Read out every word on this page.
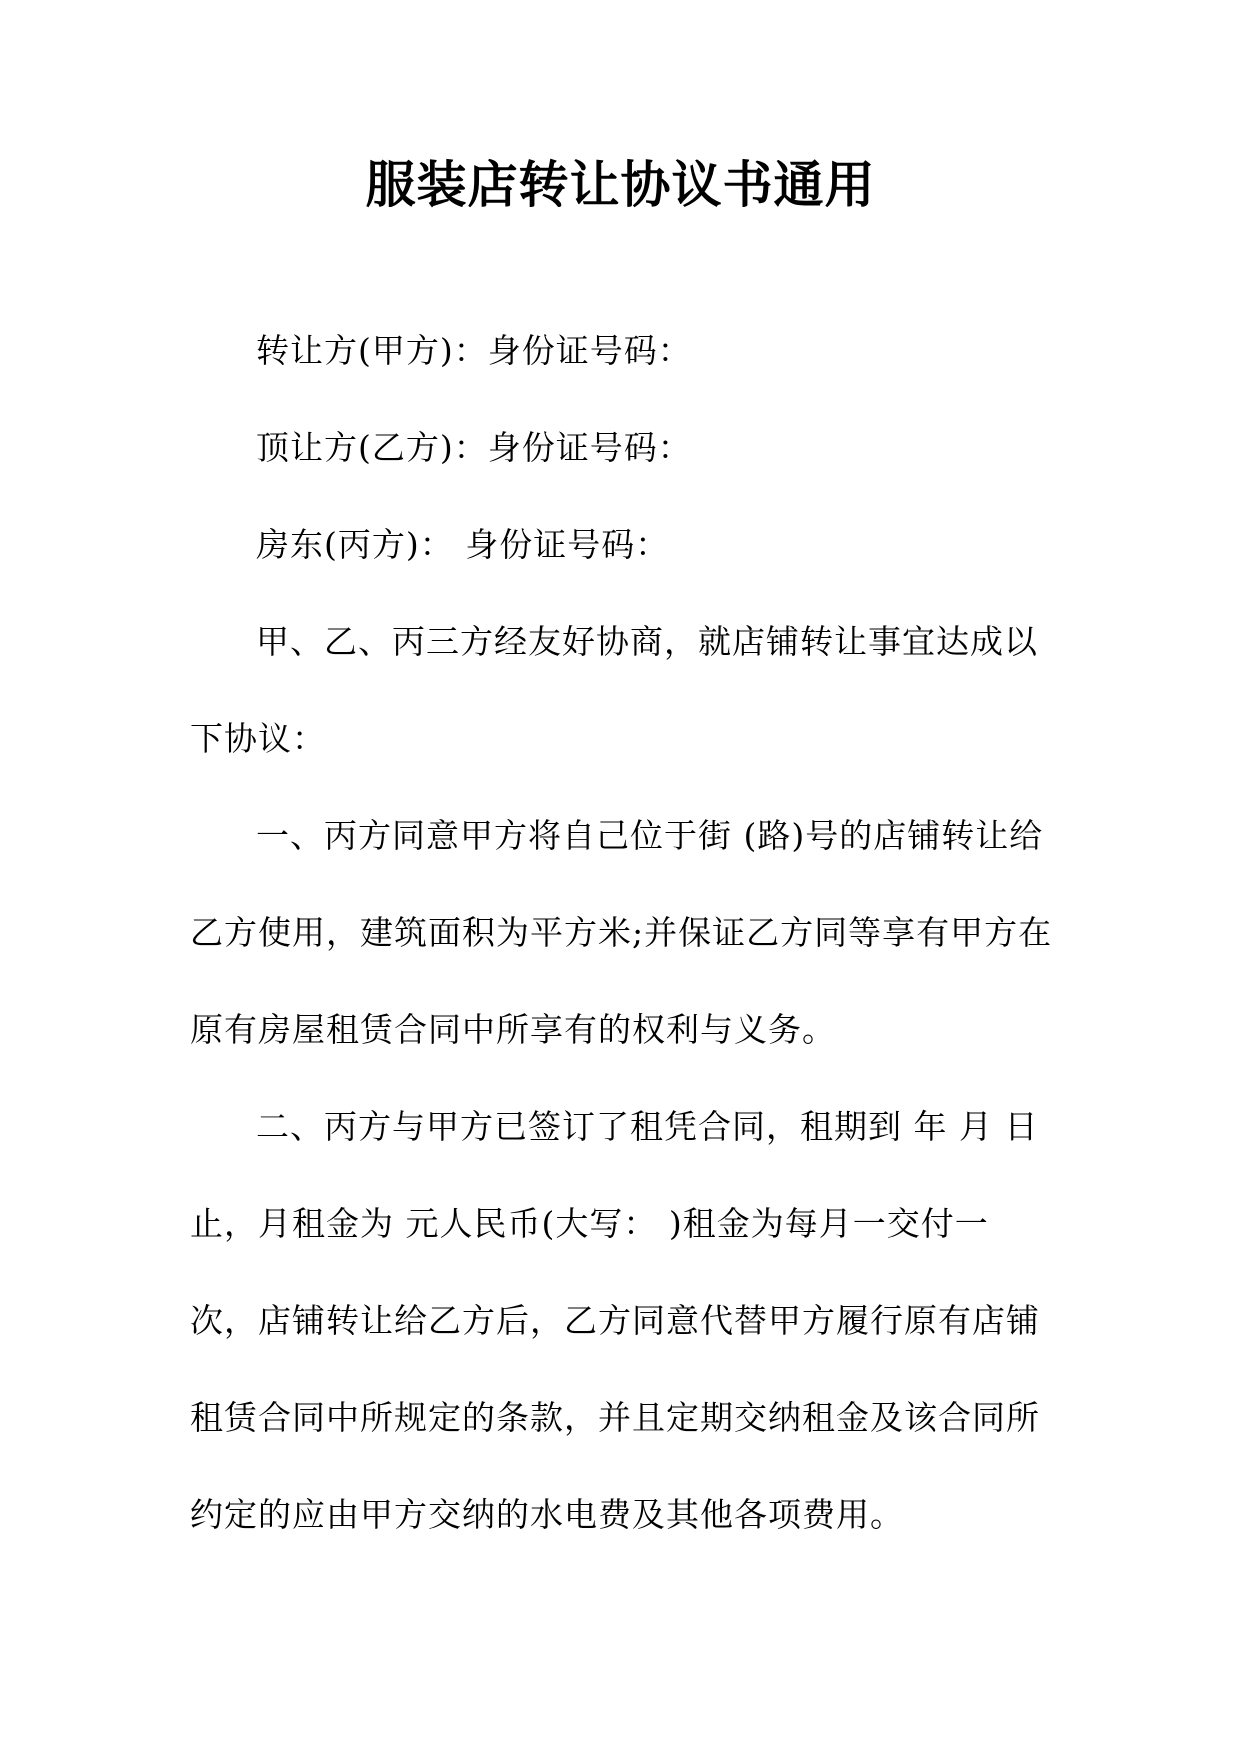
服装店转让协议书通用

转让方(甲方)：身份证号码：

顶让方(乙方)：身份证号码：

房东(丙方)： 身份证号码：

甲、乙、丙三方经友好协商，就店铺转让事宜达成以
下协议：

一、丙方同意甲方将自己位于街 (路)号的店铺转让给
乙方使用，建筑面积为平方米;并保证乙方同等享有甲方在
原有房屋租赁合同中所享有的权利与义务。

二、丙方与甲方已签订了租凭合同，租期到 年 月 日
止，月租金为 元人民币(大写： )租金为每月一交付一
次，店铺转让给乙方后，乙方同意代替甲方履行原有店铺
租赁合同中所规定的条款，并且定期交纳租金及该合同所
约定的应由甲方交纳的水电费及其他各项费用。
